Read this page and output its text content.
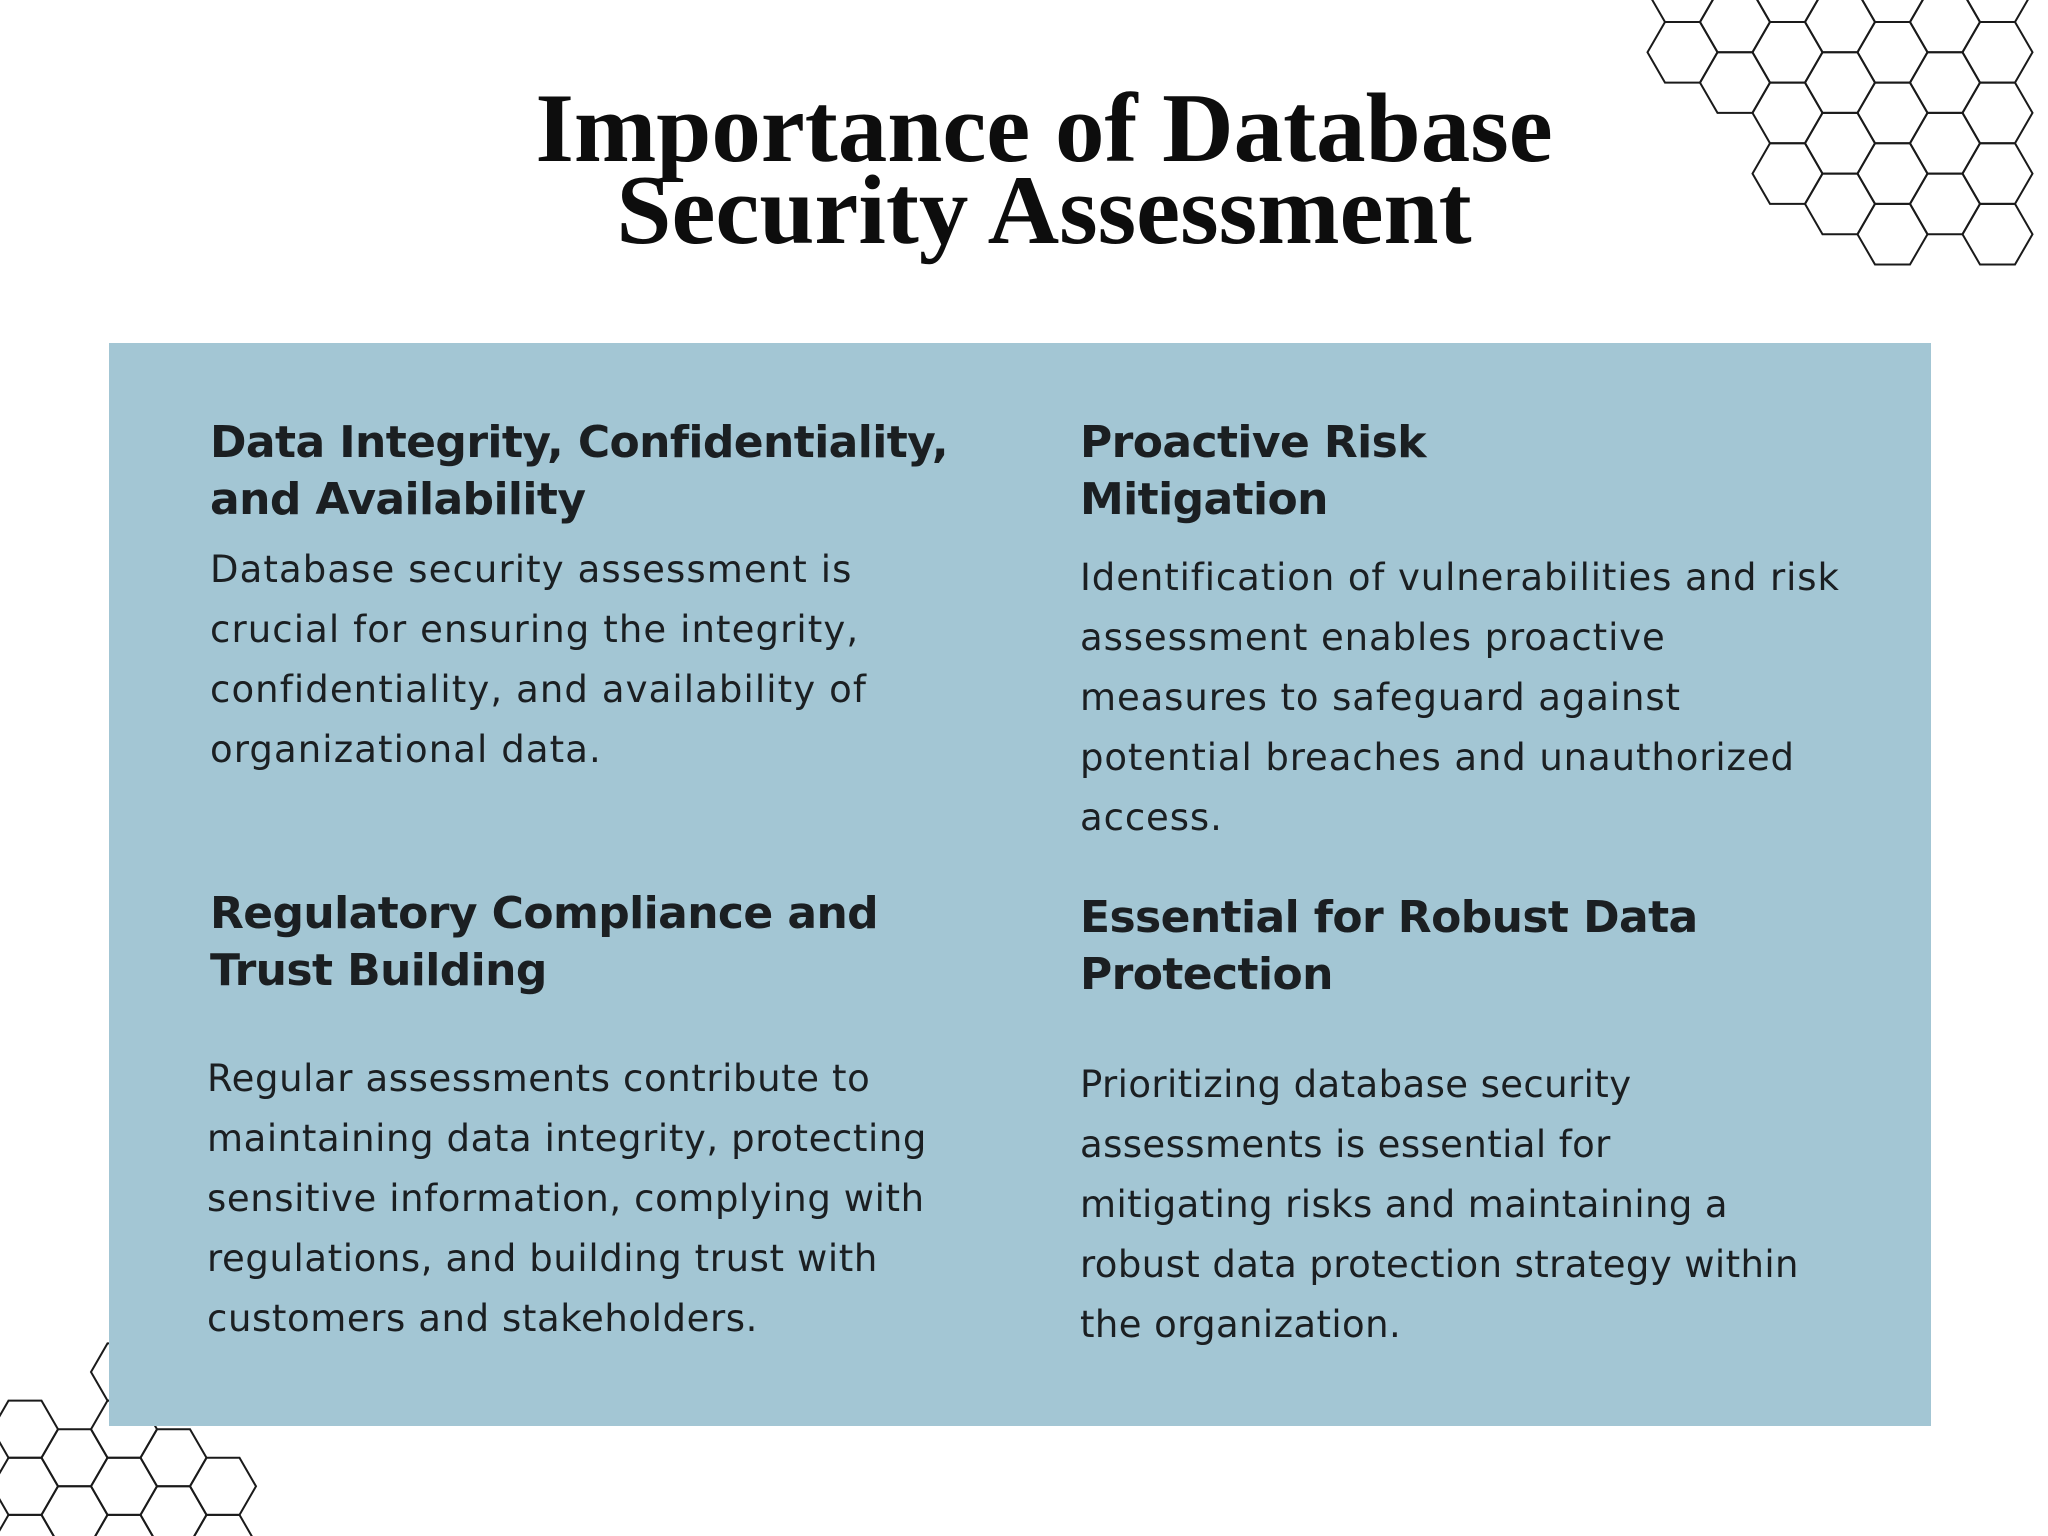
Importance of Database
Security Assessment
Data Integrity, Confidentiality,
and Availability

Database security assessment is crucial for ensuring the integrity, confidentiality, and availability of organizational data.

Proactive Risk
Mitigation

Identification of vulnerabilities and risk assessment enables proactive measures to safeguard against potential breaches and unauthorized access.

Regulatory Compliance and
Trust Building

Regular assessments contribute to maintaining data integrity, protecting sensitive information, complying with regulations, and building trust with customers and stakeholders.

Essential for Robust Data
Protection

Prioritizing database security assessments is essential for mitigating risks and maintaining a robust data protection strategy within the organization.
